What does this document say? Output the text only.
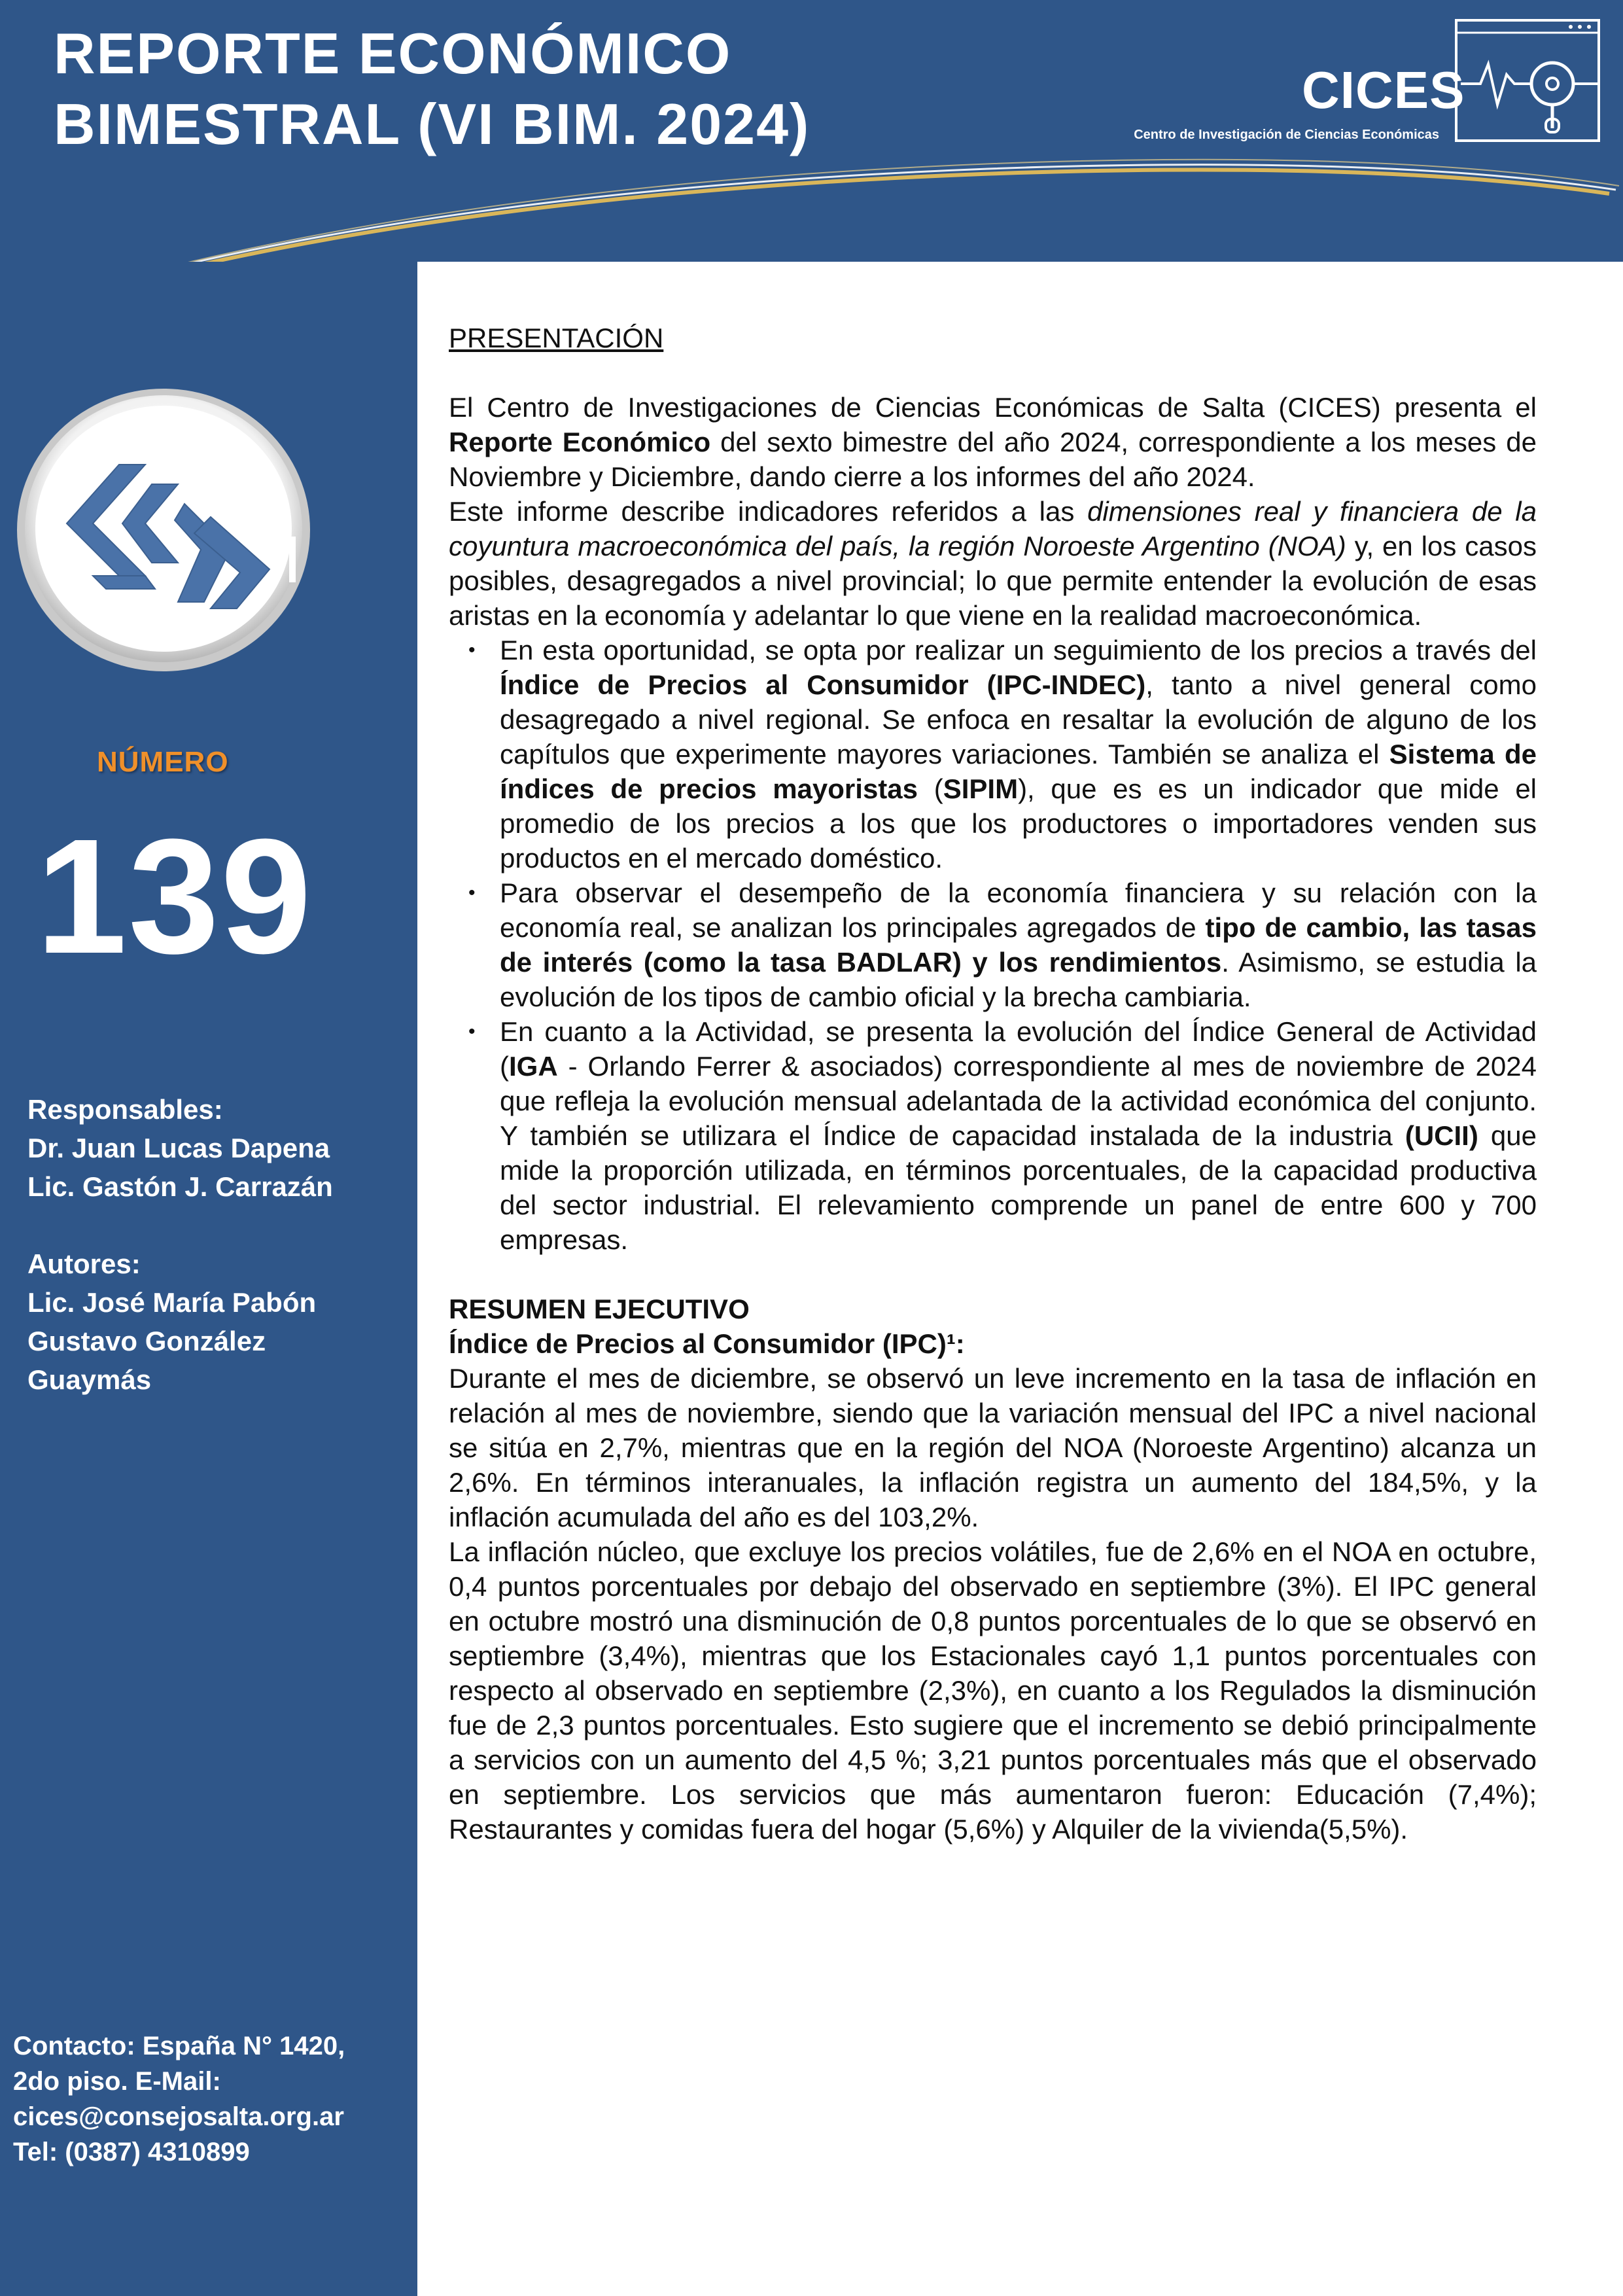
REPORTE ECONÓMICO
BIMESTRAL (VI BIM. 2024)
CICES
Centro de Investigación de Ciencias Económicas
NÚMERO
139
Responsables:
Dr. Juan Lucas Dapena
Lic. Gastón J. Carrazán
Autores:
Lic. José María Pabón
Gustavo González
Guaymás
Contacto: España N° 1420,
2do piso. E-Mail:
cices@consejosalta.org.ar
Tel: (0387) 4310899
PRESENTACIÓN

El Centro de Investigaciones de Ciencias Económicas de Salta (CICES) presenta el Reporte Económico del sexto bimestre del año 2024, correspondiente a los meses de Noviembre y Diciembre, dando cierre a los informes del año 2024.

Este informe describe indicadores referidos a las dimensiones real y financiera de la coyuntura macroeconómica del país, la región Noroeste Argentino (NOA) y, en los casos posibles, desagregados a nivel provincial; lo que permite entender la evolución de esas aristas en la economía y adelantar lo que viene en la realidad macroeconómica.

• En esta oportunidad, se opta por realizar un seguimiento de los precios a través del Índice de Precios al Consumidor (IPC-INDEC), tanto a nivel general como desagregado a nivel regional. Se enfoca en resaltar la evolución de alguno de los capítulos que experimente mayores variaciones. También se analiza el Sistema de índices de precios mayoristas (SIPIM), que es es un indicador que mide el promedio de los precios a los que los productores o importadores venden sus productos en el mercado doméstico.
• Para observar el desempeño de la economía financiera y su relación con la economía real, se analizan los principales agregados de tipo de cambio, las tasas de interés (como la tasa BADLAR) y los rendimientos. Asimismo, se estudia la evolución de los tipos de cambio oficial y la brecha cambiaria.
• En cuanto a la Actividad, se presenta la evolución del Índice General de Actividad (IGA - Orlando Ferrer & asociados) correspondiente al mes de noviembre de 2024 que refleja la evolución mensual adelantada de la actividad económica del conjunto. Y también se utilizara el Índice de capacidad instalada de la industria (UCII) que mide la proporción utilizada, en términos porcentuales, de la capacidad productiva del sector industrial. El relevamiento comprende un panel de entre 600 y 700 empresas.
RESUMEN EJECUTIVO
Índice de Precios al Consumidor (IPC)¹:

Durante el mes de diciembre, se observó un leve incremento en la tasa de inflación en relación al mes de noviembre, siendo que la variación mensual del IPC a nivel nacional se sitúa en 2,7%, mientras que en la región del NOA (Noroeste Argentino) alcanza un 2,6%. En términos interanuales, la inflación registra un aumento del 184,5%, y la inflación acumulada del año es del 103,2%.

La inflación núcleo, que excluye los precios volátiles, fue de 2,6% en el NOA en octubre, 0,4 puntos porcentuales por debajo del observado en septiembre (3%). El IPC general en octubre mostró una disminución de 0,8 puntos porcentuales de lo que se observó en septiembre (3,4%), mientras que los Estacionales cayó 1,1 puntos porcentuales con respecto al observado en septiembre (2,3%), en cuanto a los Regulados la disminución fue de 2,3 puntos porcentuales. Esto sugiere que el incremento se debió principalmente a servicios con un aumento del 4,5 %; 3,21 puntos porcentuales más que el observado en septiembre. Los servicios que más aumentaron fueron: Educación (7,4%); Restaurantes y comidas fuera del hogar (5,6%) y Alquiler de la vivienda(5,5%).
